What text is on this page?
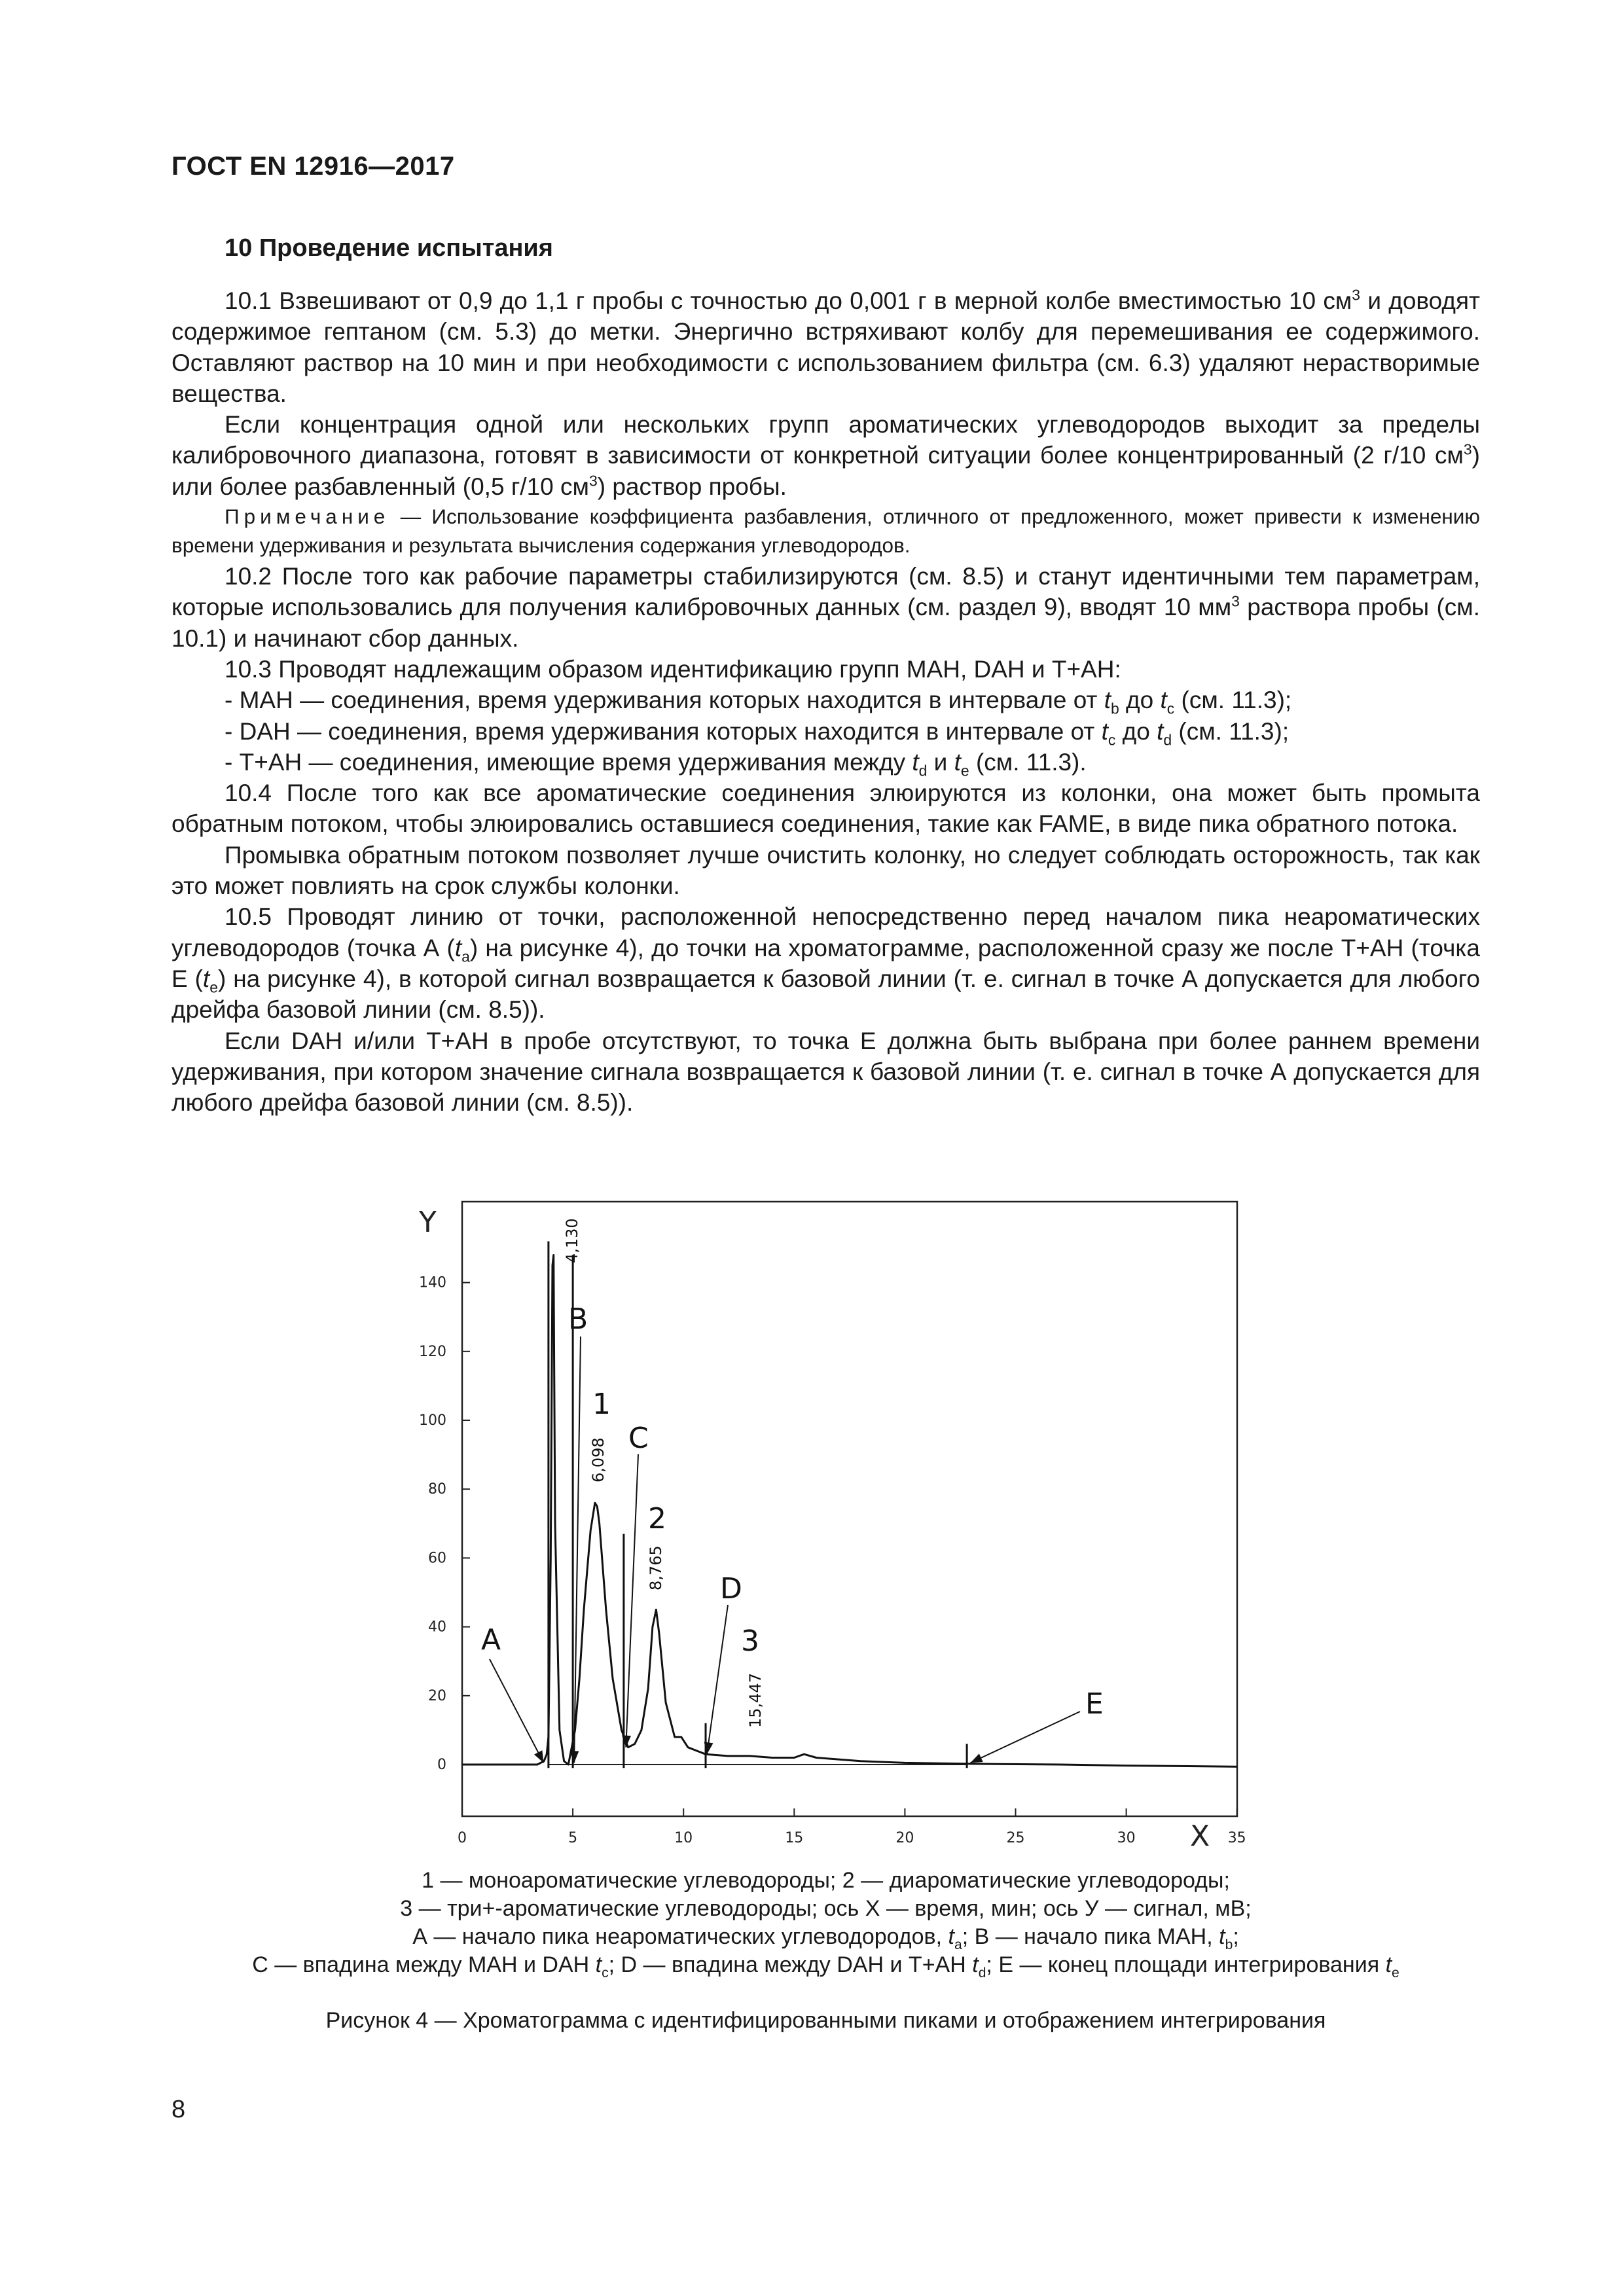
ГОСТ EN 12916—2017
10 Проведение испытания

10.1 Взвешивают от 0,9 до 1,1 г пробы с точностью до 0,001 г в мерной колбе вместимостью 10 $см^3$ и доводят содержимое гептаном (см. 5.3) до метки. Энергично встряхивают колбу для перемешивания ее содержимого. Оставляют раствор на 10 мин и при необходимости с использованием фильтра (см. 6.3) удаляют нерастворимые вещества.

Если концентрация одной или нескольких групп ароматических углеводородов выходит за пределы калибровочного диапазона, готовят в зависимости от конкретной ситуации более концентрированный (2 г/10 $см^3$) или более разбавленный (0,5 г/10 $см^3$) раствор пробы.

Примечание — Использование коэффициента разбавления, отличного от предложенного, может привести к изменению времени удерживания и результата вычисления содержания углеводородов.

10.2 После того как рабочие параметры стабилизируются (см. 8.5) и станут идентичными тем параметрам, которые использовались для получения калибровочных данных (см. раздел 9), вводят 10 $мм^3$ раствора пробы (см. 10.1) и начинают сбор данных.

10.3 Проводят надлежащим образом идентификацию групп МАН, DAH и Т+АН:

- МАН — соединения, время удерживания которых находится в интервале от $t_b$ до $t_c$ (см. 11.3);

- DAH — соединения, время удерживания которых находится в интервале от $t_c$ до $t_d$ (см. 11.3);

- Т+АН — соединения, имеющие время удерживания между $t_d$ и $t_e$ (см. 11.3).

10.4 После того как все ароматические соединения элюируются из колонки, она может быть промыта обратным потоком, чтобы элюировались оставшиеся соединения, такие как FAME, в виде пика обратного потока.

Промывка обратным потоком позволяет лучше очистить колонку, но следует соблюдать осторожность, так как это может повлиять на срок службы колонки.

10.5 Проводят линию от точки, расположенной непосредственно перед началом пика неароматических углеводородов (точка А $(t_a)$ на рисунке 4), до точки на хроматограмме, расположенной сразу же после Т+АН (точка Е $(t_e)$ на рисунке 4), в которой сигнал возвращается к базовой линии (т. е. сигнал в точке А допускается для любого дрейфа базовой линии (см. 8.5)).

Если DAH и/или Т+АН в пробе отсутствуют, то точка Е должна быть выбрана при более раннем времени удерживания, при котором значение сигнала возвращается к базовой линии (т. е. сигнал в точке А допускается для любого дрейфа базовой линии (см. 8.5)).

0
20
40
60
80
100
120
140
0	5	10	15	20	25	30	35
Y
X
A
B
C
D
E
1
2
3
4,130
6,098
8,765
15,447
1 — моноароматические углеводороды; 2 — диароматические углеводороды;
3 — три+-ароматические углеводороды; ось Х — время, мин; ось У — сигнал, мВ;
А — начало пика неароматических углеводородов, $t_a$; В — начало пика МАН, $t_b$;
С — впадина между МАН и DAH $t_c$; D — впадина между DAH и Т+АН $t_d$; Е — конец площади интегрирования $t_e$
Рисунок 4 — Хроматограмма с идентифицированными пиками и отображением интегрирования
8
